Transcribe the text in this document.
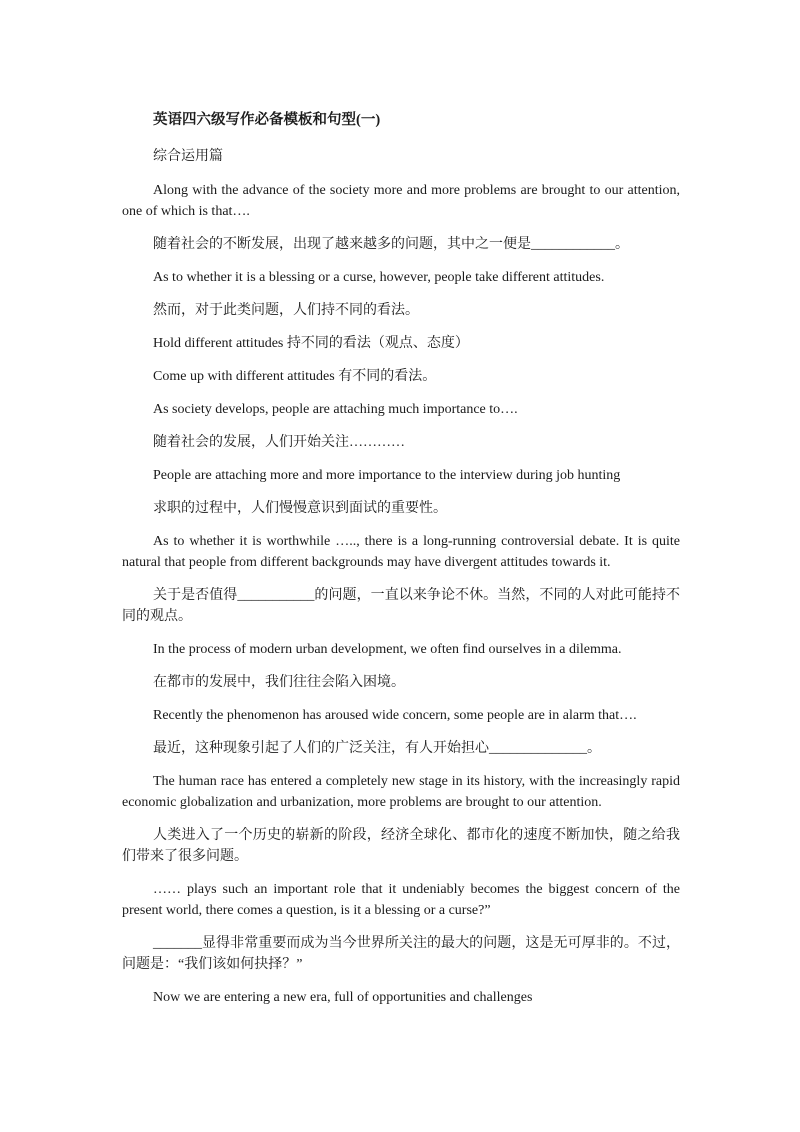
英语四六级写作必备模板和句型(一)
综合运用篇
Along with the advance of the society more and more problems are brought to our attention, one of which is that….
随着社会的不断发展，出现了越来越多的问题，其中之一便是____________。
As to whether it is a blessing or a curse, however, people take different attitudes.
然而，对于此类问题，人们持不同的看法。
Hold different attitudes 持不同的看法（观点、态度）
Come up with different attitudes 有不同的看法。
As society develops, people are attaching much importance to….
随着社会的发展，人们开始关注…………
People are attaching more and more importance to the interview during job hunting
求职的过程中，人们慢慢意识到面试的重要性。
As to whether it is worthwhile ….., there is a long-running controversial debate. It is quite natural that people from different backgrounds may have divergent attitudes towards it.
关于是否值得___________的问题，一直以来争论不休。当然，不同的人对此可能持不同的观点。
In the process of modern urban development, we often find ourselves in a dilemma.
在都市的发展中，我们往往会陷入困境。
Recently the phenomenon has aroused wide concern, some people are in alarm that….
最近，这种现象引起了人们的广泛关注，有人开始担心______________。
The human race has entered a completely new stage in its history, with the increasingly rapid economic globalization and urbanization, more problems are brought to our attention.
人类进入了一个历史的崭新的阶段，经济全球化、都市化的速度不断加快，随之给我们带来了很多问题。
…… plays such an important role that it undeniably becomes the biggest concern of the present world, there comes a question, is it a blessing or a curse?”
_______显得非常重要而成为当今世界所关注的最大的问题，这是无可厚非的。不过，问题是：“我们该如何抉择？”
Now we are entering a new era, full of opportunities and challenges
